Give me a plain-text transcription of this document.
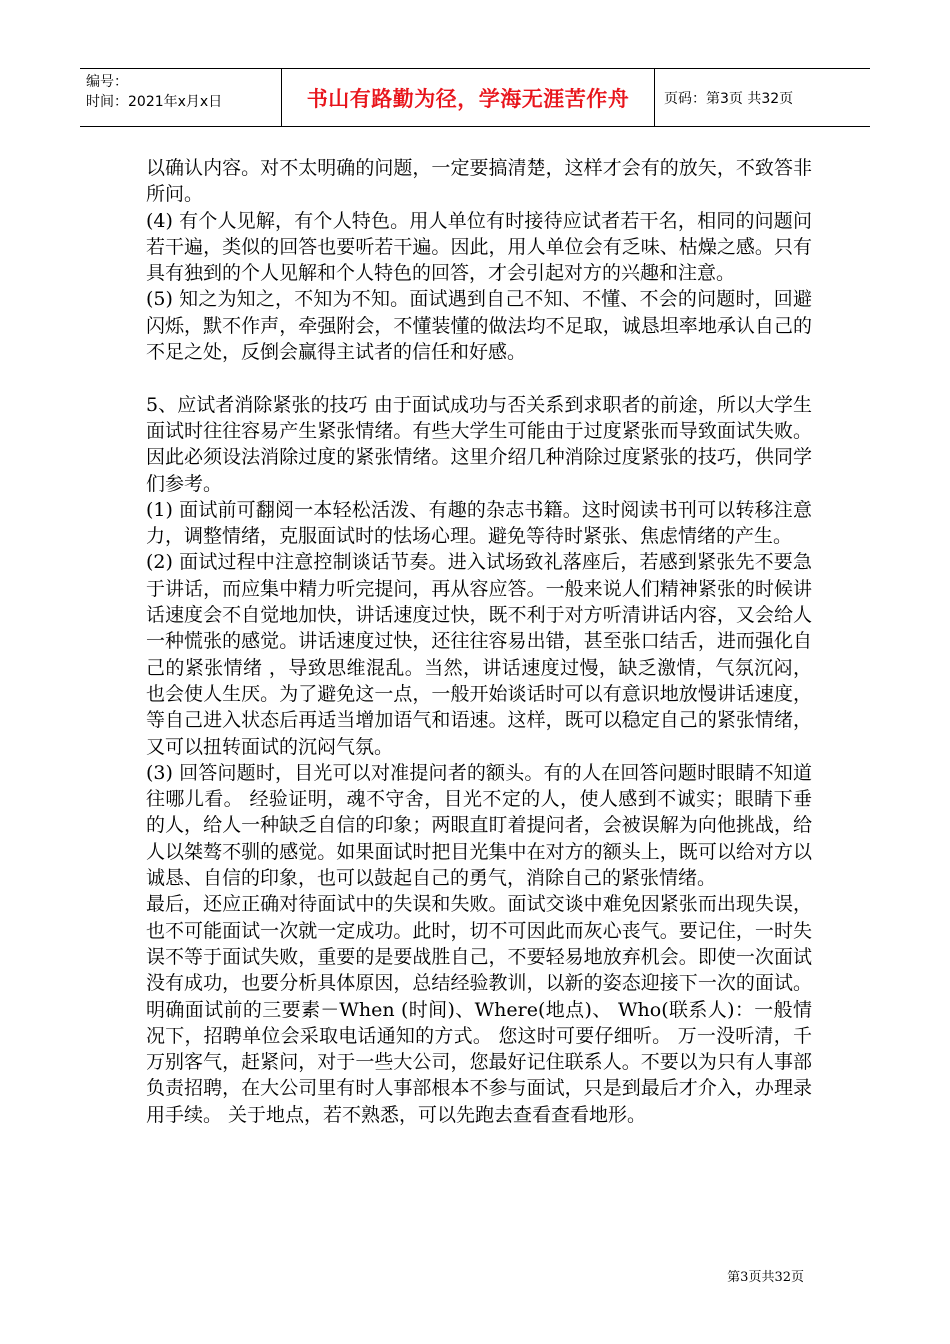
编号：
时间：2021年x月x日	书山有路勤为径，学海无涯苦作舟	页码：第3页 共32页

以确认内容。对不太明确的问题，一定要搞清楚，这样才会有的放矢，不致答非所问。

(4) 有个人见解，有个人特色。用人单位有时接待应试者若干名，相同的问题问若干遍，类似的回答也要听若干遍。因此，用人单位会有乏味、枯燥之感。只有具有独到的个人见解和个人特色的回答，才会引起对方的兴趣和注意。

(5) 知之为知之，不知为不知。面试遇到自己不知、不懂、不会的问题时，回避闪烁，默不作声，牵强附会，不懂装懂的做法均不足取，诚恳坦率地承认自己的不足之处，反倒会赢得主试者的信任和好感。

5、应试者消除紧张的技巧 由于面试成功与否关系到求职者的前途，所以大学生面试时往往容易产生紧张情绪。有些大学生可能由于过度紧张而导致面试失败。因此必须设法消除过度的紧张情绪。这里介绍几种消除过度紧张的技巧，供同学们参考。

(1) 面试前可翻阅一本轻松活泼、有趣的杂志书籍。这时阅读书刊可以转移注意力，调整情绪，克服面试时的怯场心理。避免等待时紧张、焦虑情绪的产生。

(2) 面试过程中注意控制谈话节奏。进入试场致礼落座后，若感到紧张先不要急于讲话，而应集中精力听完提问，再从容应答。一般来说人们精神紧张的时候讲话速度会不自觉地加快，讲话速度过快，既不利于对方听清讲话内容，又会给人一种慌张的感觉。讲话速度过快，还往往容易出错，甚至张口结舌，进而强化自己的紧张情绪 ，导致思维混乱。当然，讲话速度过慢，缺乏激情，气氛沉闷，也会使人生厌。为了避免这一点，一般开始谈话时可以有意识地放慢讲话速度，等自己进入状态后再适当增加语气和语速。这样，既可以稳定自己的紧张情绪，又可以扭转面试的沉闷气氛。

(3) 回答问题时，目光可以对准提问者的额头。有的人在回答问题时眼睛不知道往哪儿看。 经验证明，魂不守舍，目光不定的人，使人感到不诚实；眼睛下垂的人，给人一种缺乏自信的印象；两眼直盯着提问者，会被误解为向他挑战，给人以桀骜不驯的感觉。如果面试时把目光集中在对方的额头上，既可以给对方以诚恳、自信的印象，也可以鼓起自己的勇气，消除自己的紧张情绪。

最后，还应正确对待面试中的失误和失败。面试交谈中难免因紧张而出现失误，也不可能面试一次就一定成功。此时，切不可因此而灰心丧气。要记住，一时失误不等于面试失败，重要的是要战胜自己，不要轻易地放弃机会。即使一次面试没有成功，也要分析具体原因，总结经验教训，以新的姿态迎接下一次的面试。 明确面试前的三要素－When (时间)、Where(地点)、 Who(联系人)：一般情况下，招聘单位会采取电话通知的方式。 您这时可要仔细听。 万一没听清，千万别客气，赶紧问，对于一些大公司，您最好记住联系人。不要以为只有人事部负责招聘，在大公司里有时人事部根本不参与面试，只是到最后才介入，办理录用手续。 关于地点，若不熟悉，可以先跑去查看查看地形。

第3页共32页
